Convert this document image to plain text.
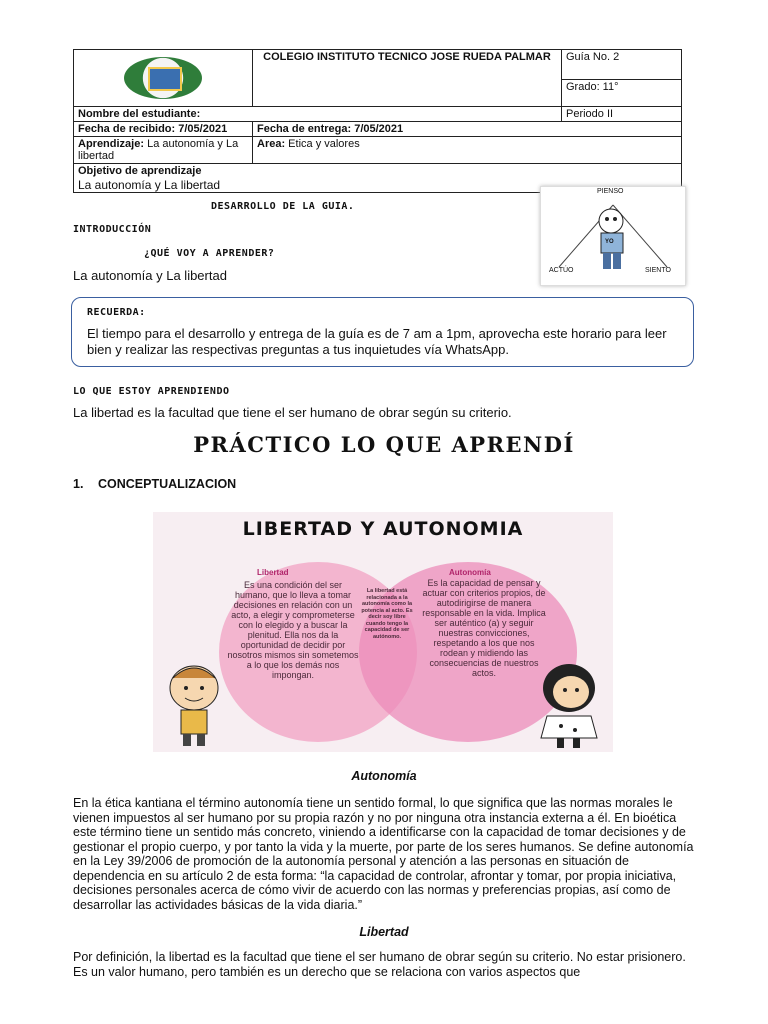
	COLEGIO INSTITUTO TECNICO JOSE RUEDA PALMAR	Guía No. 2
		Grado: 11°
Nombre del estudiante:		Periodo II
Fecha de recibido: 7/05/2021	Fecha de entrega: 7/05/2021	
Aprendizaje: La autonomía y La libertad	Area: Etica y valores	

Objetivo de aprendizaje
La autonomía y La libertad		
DESARROLLO DE LA GUIA.
INTRODUCCIÓN
¿QUÉ VOY A APRENDER?
La autonomía y La libertad
PIENSO
YO
ACTÚO	SIENTO
RECUERDA:
El tiempo para el desarrollo y entrega de la guía es de 7 am a 1pm, aprovecha este horario para leer bien y realizar las respectivas preguntas a tus inquietudes vía WhatsApp.
LO QUE ESTOY APRENDIENDO
La libertad es la facultad que tiene el ser humano de obrar según su criterio.
PRÁCTICO LO QUE APRENDÍ
1. CONCEPTUALIZACION
LIBERTAD Y AUTONOMIA
Libertad	Autonomía
Es una condición del ser humano, que lo lleva a tomar decisiones en relación con un acto, a elegir y comprometerse con lo elegido y a buscar la plenitud. Ella nos da la oportunidad de decidir por nosotros mismos sin sometemos a lo que los demás nos impongan.
Es la capacidad de pensar y actuar con criterios propios, de autodirigirse de manera responsable en la vida. Implica ser auténtico (a) y seguir nuestras convicciones, respetando a los que nos rodean y midiendo las consecuencias de nuestros actos.
La libertad está relacionada a la autonomía como la potencia al acto. Es decir soy libre cuando tengo la capacidad de ser autónomo.
Autonomía
En la ética kantiana el término autonomía tiene un sentido formal, lo que significa que las normas morales le vienen impuestos al ser humano por su propia razón y no por ninguna otra instancia externa a él. En bioética este término tiene un sentido más concreto, viniendo a identificarse con la capacidad de tomar decisiones y de gestionar el propio cuerpo, y por tanto la vida y la muerte, por parte de los seres humanos. Se define autonomía en la Ley 39/2006 de promoción de la autonomía personal y atención a las personas en situación de dependencia en su artículo 2 de esta forma: “la capacidad de controlar, afrontar y tomar, por propia iniciativa, decisiones personales acerca de cómo vivir de acuerdo con las normas y preferencias propias, así como de desarrollar las actividades básicas de la vida diaria.”
Libertad
Por definición, la libertad es la facultad que tiene el ser humano de obrar según su criterio. No estar prisionero. Es un valor humano, pero también es un derecho que se relaciona con varios aspectos que
